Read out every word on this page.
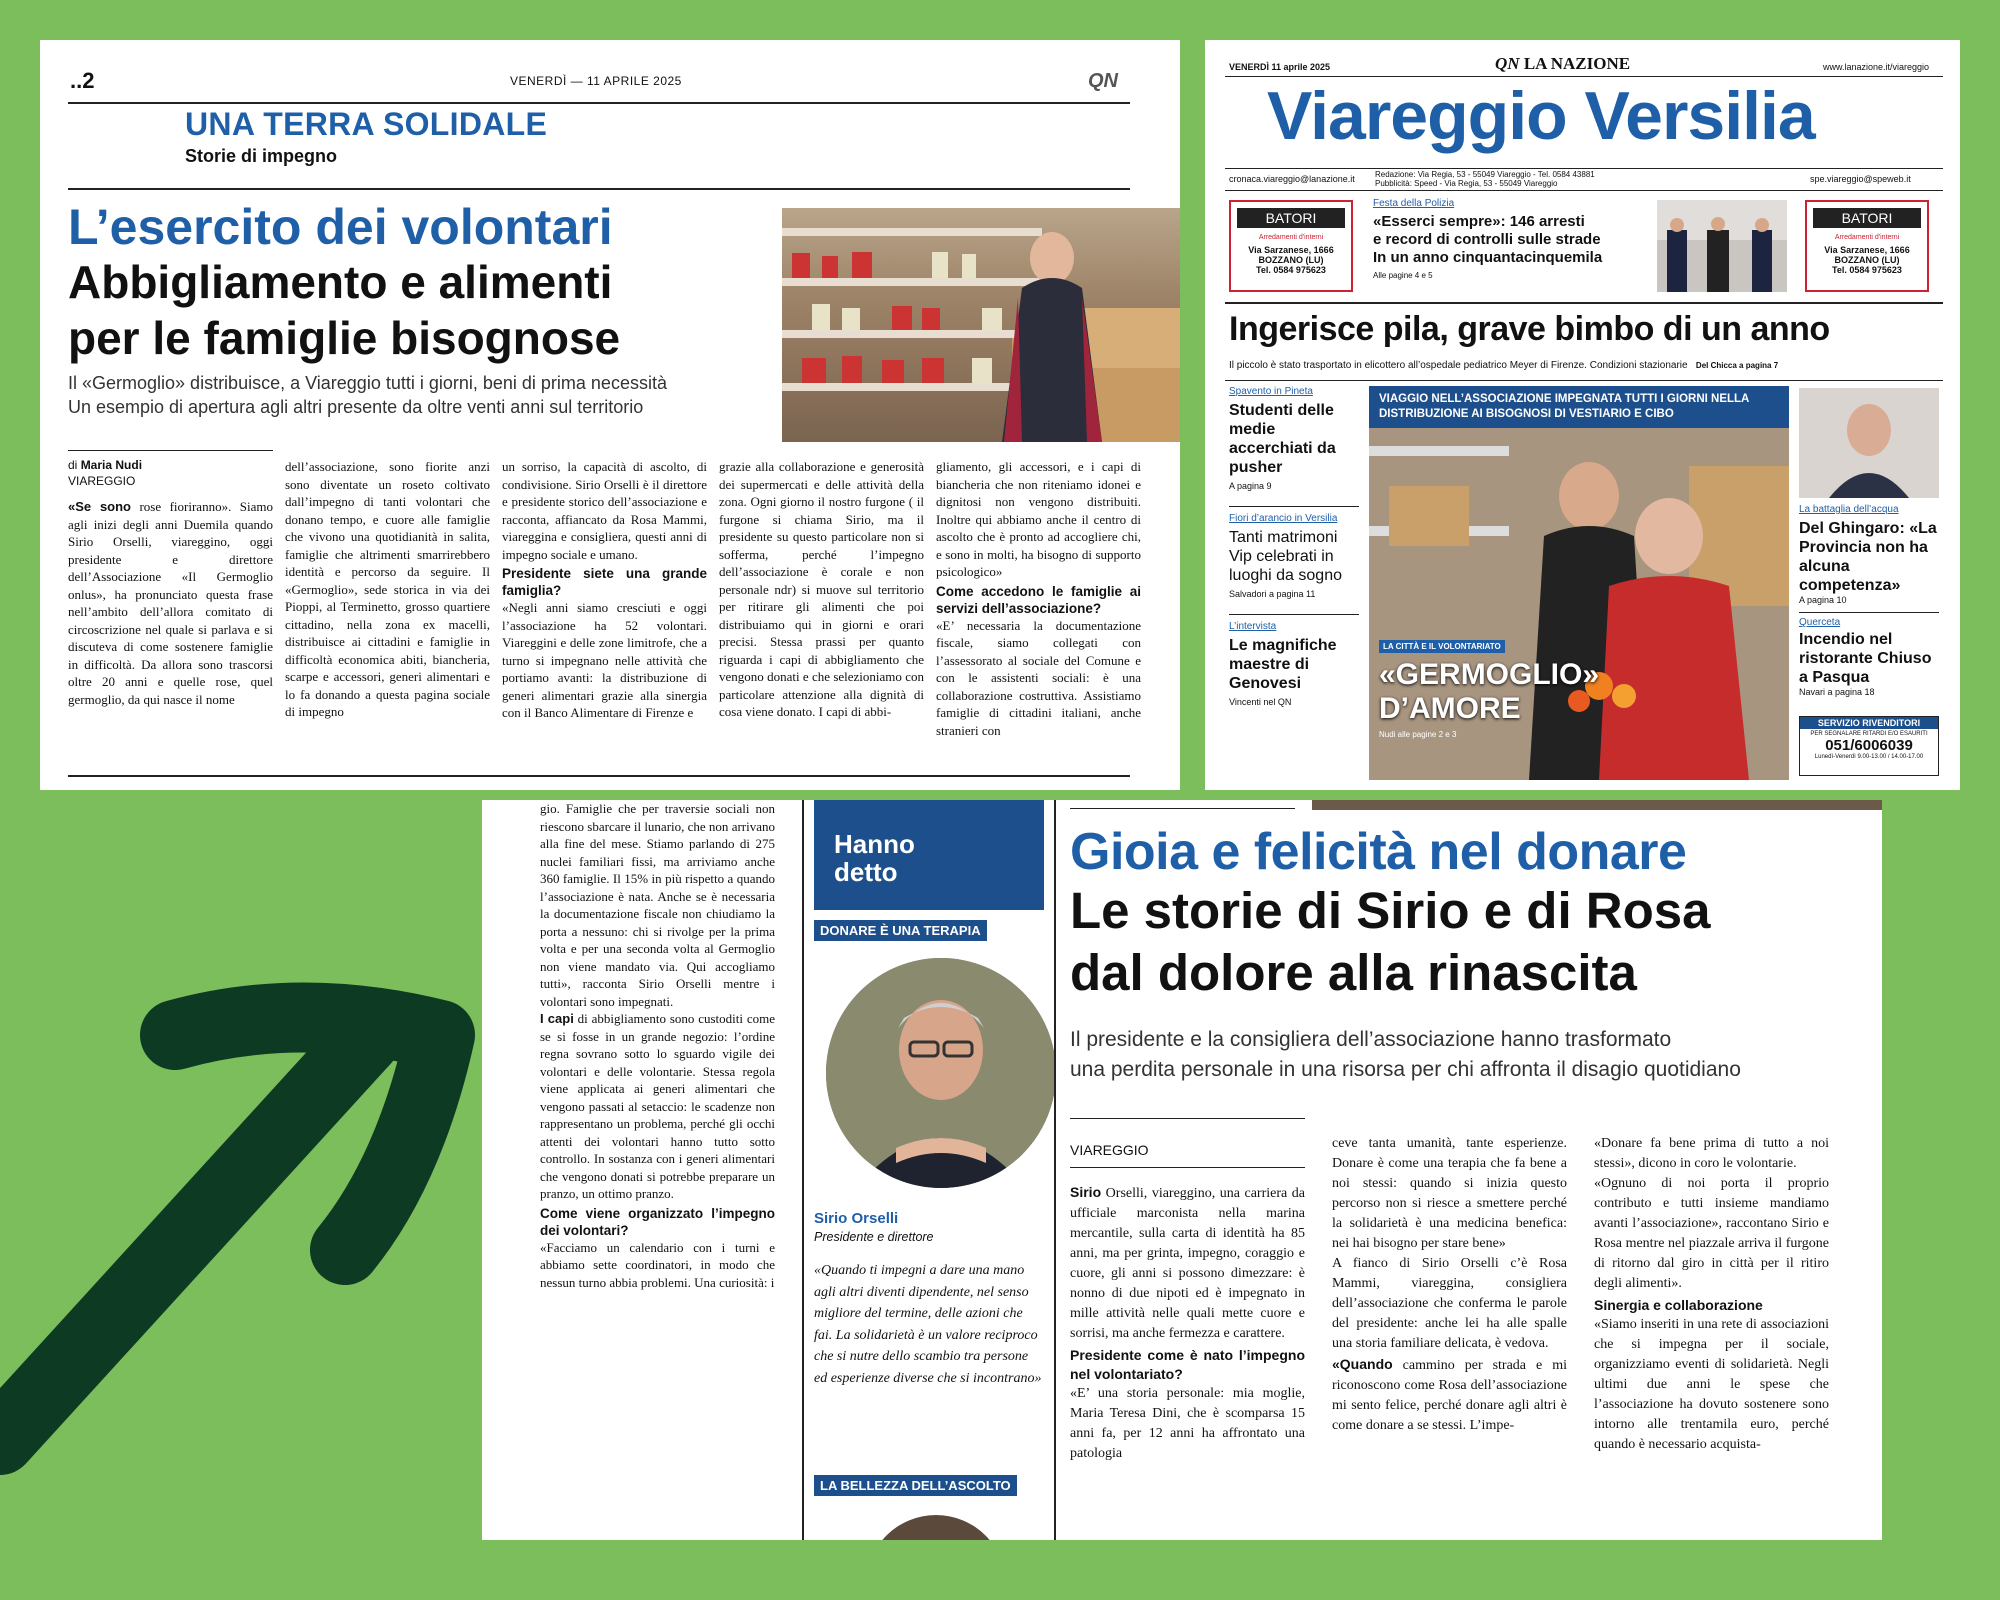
..2	VENERDÌ — 11 APRILE 2025	QN
UNA TERRA SOLIDALE
Storie di impegno
L’esercito dei volontari
Abbigliamento e alimenti
per le famiglie bisognose
Il «Germoglio» distribuisce, a Viareggio tutti i giorni, beni di prima necessità
Un esempio di apertura agli altri presente da oltre venti anni sul territorio
di Maria Nudi
VIAREGGIO
«Se sono rose fioriranno». Siamo agli inizi degli anni Duemila quando Sirio Orselli, viareggino, oggi presidente e direttore dell’Associazione «Il Germoglio onlus», ha pronunciato questa frase nell’ambito dell’allora comitato di circoscrizione nel quale si parlava e si discuteva di come sostenere famiglie in difficoltà. Da allora sono trascorsi oltre 20 anni e quelle rose, quel germoglio, da qui nasce il nome
dell’associazione, sono fiorite anzi sono diventate un roseto coltivato dall’impegno di tanti volontari che donano tempo, e cuore alle famiglie che vivono una quotidianità in salita, famiglie che altrimenti smarrirebbero identità e percorso da seguire. Il «Germoglio», sede storica in via dei Pioppi, al Terminetto, grosso quartiere cittadino, nella zona ex macelli, distribuisce ai cittadini e famiglie in difficoltà economica abiti, biancheria, scarpe e accessori, generi alimentari e lo fa donando a questa pagina sociale di impegno
un sorriso, la capacità di ascolto, di condivisione. Sirio Orselli è il direttore e presidente storico dell’associazione e racconta, affiancato da Rosa Mammi, viareggina e consigliera, questi anni di impegno sociale e umano.
Presidente siete una grande famiglia?
«Negli anni siamo cresciuti e oggi l’associazione ha 52 volontari. Viareggini e delle zone limitrofe, che a turno si impegnano nelle attività che portiamo avanti: la distribuzione di generi alimentari grazie alla sinergia con il Banco Alimentare di Firenze e
grazie alla collaborazione e generosità dei supermercati e delle attività della zona. Ogni giorno il nostro furgone ( il furgone si chiama Sirio, ma il presidente su questo particolare non si sofferma, perché l’impegno dell’associazione è corale e non personale ndr) si muove sul territorio per ritirare gli alimenti che poi distribuiamo qui in giorni e orari precisi. Stessa prassi per quanto riguarda i capi di abbigliamento che vengono donati e che selezioniamo con particolare attenzione alla dignità di cosa viene donato. I capi di abbi-
gliamento, gli accessori, e i capi di biancheria che non riteniamo idonei e dignitosi non vengono distribuiti. Inoltre qui abbiamo anche il centro di ascolto che è pronto ad accogliere chi, e sono in molti, ha bisogno di supporto psicologico»
Come accedono le famiglie ai servizi dell’associazione?
«E’ necessaria la documentazione fiscale, siamo collegati con l’assessorato al sociale del Comune e con le assistenti sociali: è una collaborazione costruttiva. Assistiamo famiglie di cittadini italiani, anche stranieri con
VENERDÌ 11 aprile 2025	QN LA NAZIONE	www.lanazione.it/viareggio
Viareggio Versilia
cronaca.viareggio@lanazione.it	Redazione: Via Regia, 53 - 55049 Viareggio - Tel. 0584 43881
Pubblicità: Speed - Via Regia, 53 - 55049 Viareggio	spe.viareggio@speweb.it
BATORI
Arredamenti d'interni
Via Sarzanese, 1666
BOZZANO (LU)
Tel. 0584 975623
BATORI
Arredamenti d'interni
Via Sarzanese, 1666
BOZZANO (LU)
Tel. 0584 975623
Festa della Polizia
«Esserci sempre»: 146 arresti
e record di controlli sulle strade
In un anno cinquantacinquemila
Alle pagine 4 e 5
Ingerisce pila, grave bimbo di un anno
Il piccolo è stato trasportato in elicottero all’ospedale pediatrico Meyer di Firenze. Condizioni stazionarie Del Chicca a pagina 7
Spavento in Pineta
Studenti delle medie accerchiati da pusher
A pagina 9
Fiori d’arancio in Versilia
Tanti matrimoni Vip celebrati in luoghi da sogno
Salvadori a pagina 11
L’intervista
Le magnifiche maestre di Genovesi
Vincenti nel QN
VIAGGIO NELL’ASSOCIAZIONE IMPEGNATA TUTTI I GIORNI NELLA DISTRIBUZIONE AI BISOGNOSI DI VESTIARIO E CIBO
LA CITTÀ E IL VOLONTARIATO
«GERMOGLIO»
D’AMORE
Nudi alle pagine 2 e 3
La battaglia dell’acqua
Del Ghingaro: «La Provincia non ha alcuna competenza»
A pagina 10
Querceta
Incendio nel ristorante Chiuso a Pasqua
Navari a pagina 18
SERVIZIO RIVENDITORI
PER SEGNALARE RITARDI E/O ESAURITI
051/6006039
Lunedì-Venerdì 9.00-13.00 / 14.00-17.00
gio. Famiglie che per traversie sociali non riescono sbarcare il lunario, che non arrivano alla fine del mese. Stiamo parlando di 275 nuclei familiari fissi, ma arriviamo anche 360 famiglie. Il 15% in più rispetto a quando l’associazione è nata. Anche se è necessaria la documentazione fiscale non chiudiamo la porta a nessuno: chi si rivolge per la prima volta e per una seconda volta al Germoglio non viene mandato via. Qui accogliamo tutti», racconta Sirio Orselli mentre i volontari sono impegnati.
I capi di abbigliamento sono custoditi come se si fosse in un grande negozio: l’ordine regna sovrano sotto lo sguardo vigile dei volontari e delle volontarie. Stessa regola viene applicata ai generi alimentari che vengono passati al setaccio: le scadenze non rappresentano un problema, perché gli occhi attenti dei volontari hanno tutto sotto controllo. In sostanza con i generi alimentari che vengono donati si potrebbe preparare un pranzo, un ottimo pranzo.
Come viene organizzato l’impegno dei volontari?
«Facciamo un calendario con i turni e abbiamo sette coordinatori, in modo che nessun turno abbia problemi. Una curiosità: i
Hanno
detto
DONARE È UNA TERAPIA
Sirio Orselli
Presidente e direttore
«Quando ti impegni a dare una mano agli altri diventi dipendente, nel senso migliore del termine, delle azioni che fai. La solidarietà è un valore reciproco che si nutre dello scambio tra persone ed esperienze diverse che si incontrano»
LA BELLEZZA DELL’ASCOLTO
Gioia e felicità nel donare
Le storie di Sirio e di Rosa
dal dolore alla rinascita
Il presidente e la consigliera dell’associazione hanno trasformato
una perdita personale in una risorsa per chi affronta il disagio quotidiano
VIAREGGIO
Sirio Orselli, viareggino, una carriera da ufficiale marconista nella marina mercantile, sulla carta di identità ha 85 anni, ma per grinta, impegno, coraggio e cuore, gli anni si possono dimezzare: è nonno di due nipoti ed è impegnato in mille attività nelle quali mette cuore e sorrisi, ma anche fermezza e carattere.
Presidente come è nato l’impegno nel volontariato?
«E’ una storia personale: mia moglie, Maria Teresa Dini, che è scomparsa 15 anni fa, per 12 anni ha affrontato una patologia
ceve tanta umanità, tante esperienze. Donare è come una terapia che fa bene a noi stessi: quando si inizia questo percorso non si riesce a smettere perché la solidarietà è una medicina benefica: nei hai bisogno per stare bene»
A fianco di Sirio Orselli c’è Rosa Mammi, viareggina, consigliera dell’associazione che conferma le parole del presidente: anche lei ha alle spalle una storia familiare delicata, è vedova.
«Quando cammino per strada e mi riconoscono come Rosa dell’associazione mi sento felice, perché donare agli altri è come donare a se stessi. L’impe-
«Donare fa bene prima di tutto a noi stessi», dicono in coro le volontarie.
«Ognuno di noi porta il proprio contributo e tutti insieme mandiamo avanti l’associazione», raccontano Sirio e Rosa mentre nel piazzale arriva il furgone di ritorno dal giro in città per il ritiro degli alimenti».
Sinergia e collaborazione
«Siamo inseriti in una rete di associazioni che si impegna per il sociale, organizziamo eventi di solidarietà. Negli ultimi due anni le spese che l’associazione ha dovuto sostenere sono intorno alle trentamila euro, perché quando è necessario acquista-
